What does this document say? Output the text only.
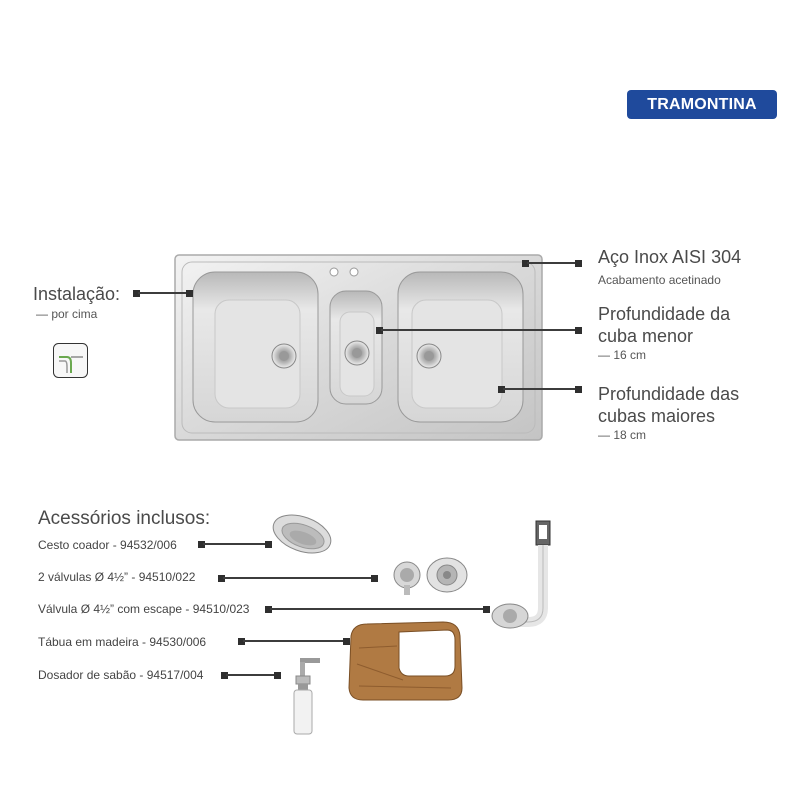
TRAMONTINA
Instalação:
— por cima
Aço Inox AISI 304
Acabamento acetinado
Profundidade da
cuba menor
— 16 cm
Profundidade das
cubas maiores
— 18 cm
Acessórios inclusos:
Cesto coador - 94532/006
2 válvulas Ø 4½” - 94510/022
Válvula Ø 4½” com escape - 94510/023
Tábua em madeira - 94530/006
Dosador de sabão - 94517/004
